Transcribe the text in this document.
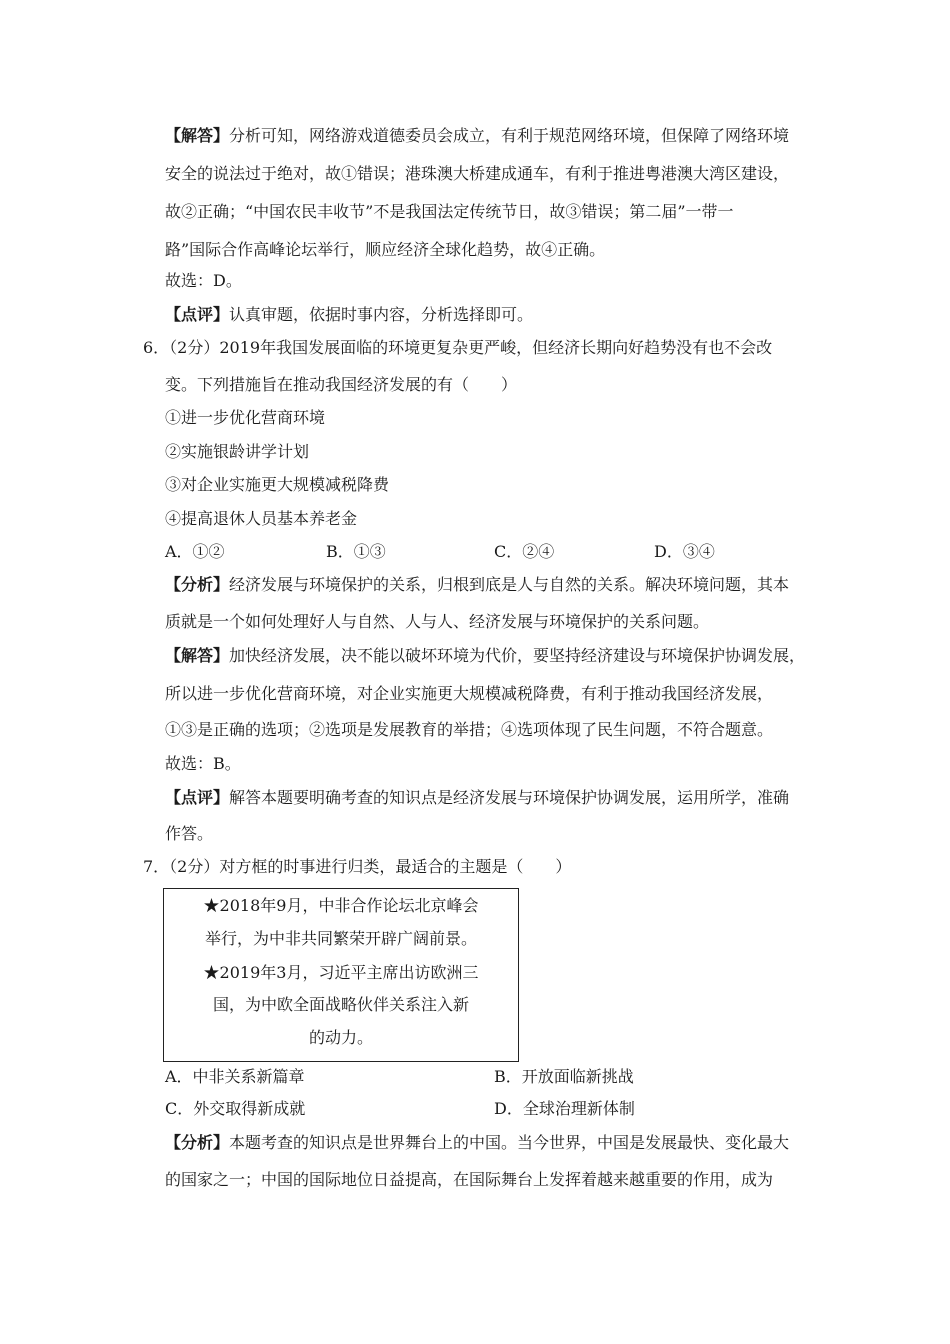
【解答】分析可知，网络游戏道德委员会成立，有利于规范网络环境，但保障了网络环境
安全的说法过于绝对，故①错误；港珠澳大桥建成通车，有利于推进粤港澳大湾区建设，
故②正确；“中国农民丰收节”不是我国法定传统节日，故③错误；第二届”一带一
路”国际合作高峰论坛举行，顺应经济全球化趋势，故④正确。
故选：D。
【点评】认真审题，依据时事内容，分析选择即可。
6．（2分）2019年我国发展面临的环境更复杂更严峻，但经济长期向好趋势没有也不会改
变。下列措施旨在推动我国经济发展的有（　　）
①进一步优化营商环境
②实施银龄讲学计划
③对企业实施更大规模减税降费
④提高退休人员基本养老金
A．①②	B．①③	C．②④	D．③④
【分析】经济发展与环境保护的关系，归根到底是人与自然的关系。解决环境问题，其本
质就是一个如何处理好人与自然、人与人、经济发展与环境保护的关系问题。
【解答】加快经济发展，决不能以破坏环境为代价，要坚持经济建设与环境保护协调发展，
所以进一步优化营商环境，对企业实施更大规模减税降费，有利于推动我国经济发展，
①③是正确的选项；②选项是发展教育的举措；④选项体现了民生问题，不符合题意。
故选：B。
【点评】解答本题要明确考查的知识点是经济发展与环境保护协调发展，运用所学，准确
作答。
7．（2分）对方框的时事进行归类，最适合的主题是（　　）
★2018年9月，中非合作论坛北京峰会
举行，为中非共同繁荣开辟广阔前景。
★2019年3月，习近平主席出访欧洲三
国，为中欧全面战略伙伴关系注入新
的动力。
A．中非关系新篇章	B．开放面临新挑战
C．外交取得新成就	D．全球治理新体制
【分析】本题考查的知识点是世界舞台上的中国。当今世界，中国是发展最快、变化最大
的国家之一；中国的国际地位日益提高，在国际舞台上发挥着越来越重要的作用，成为
